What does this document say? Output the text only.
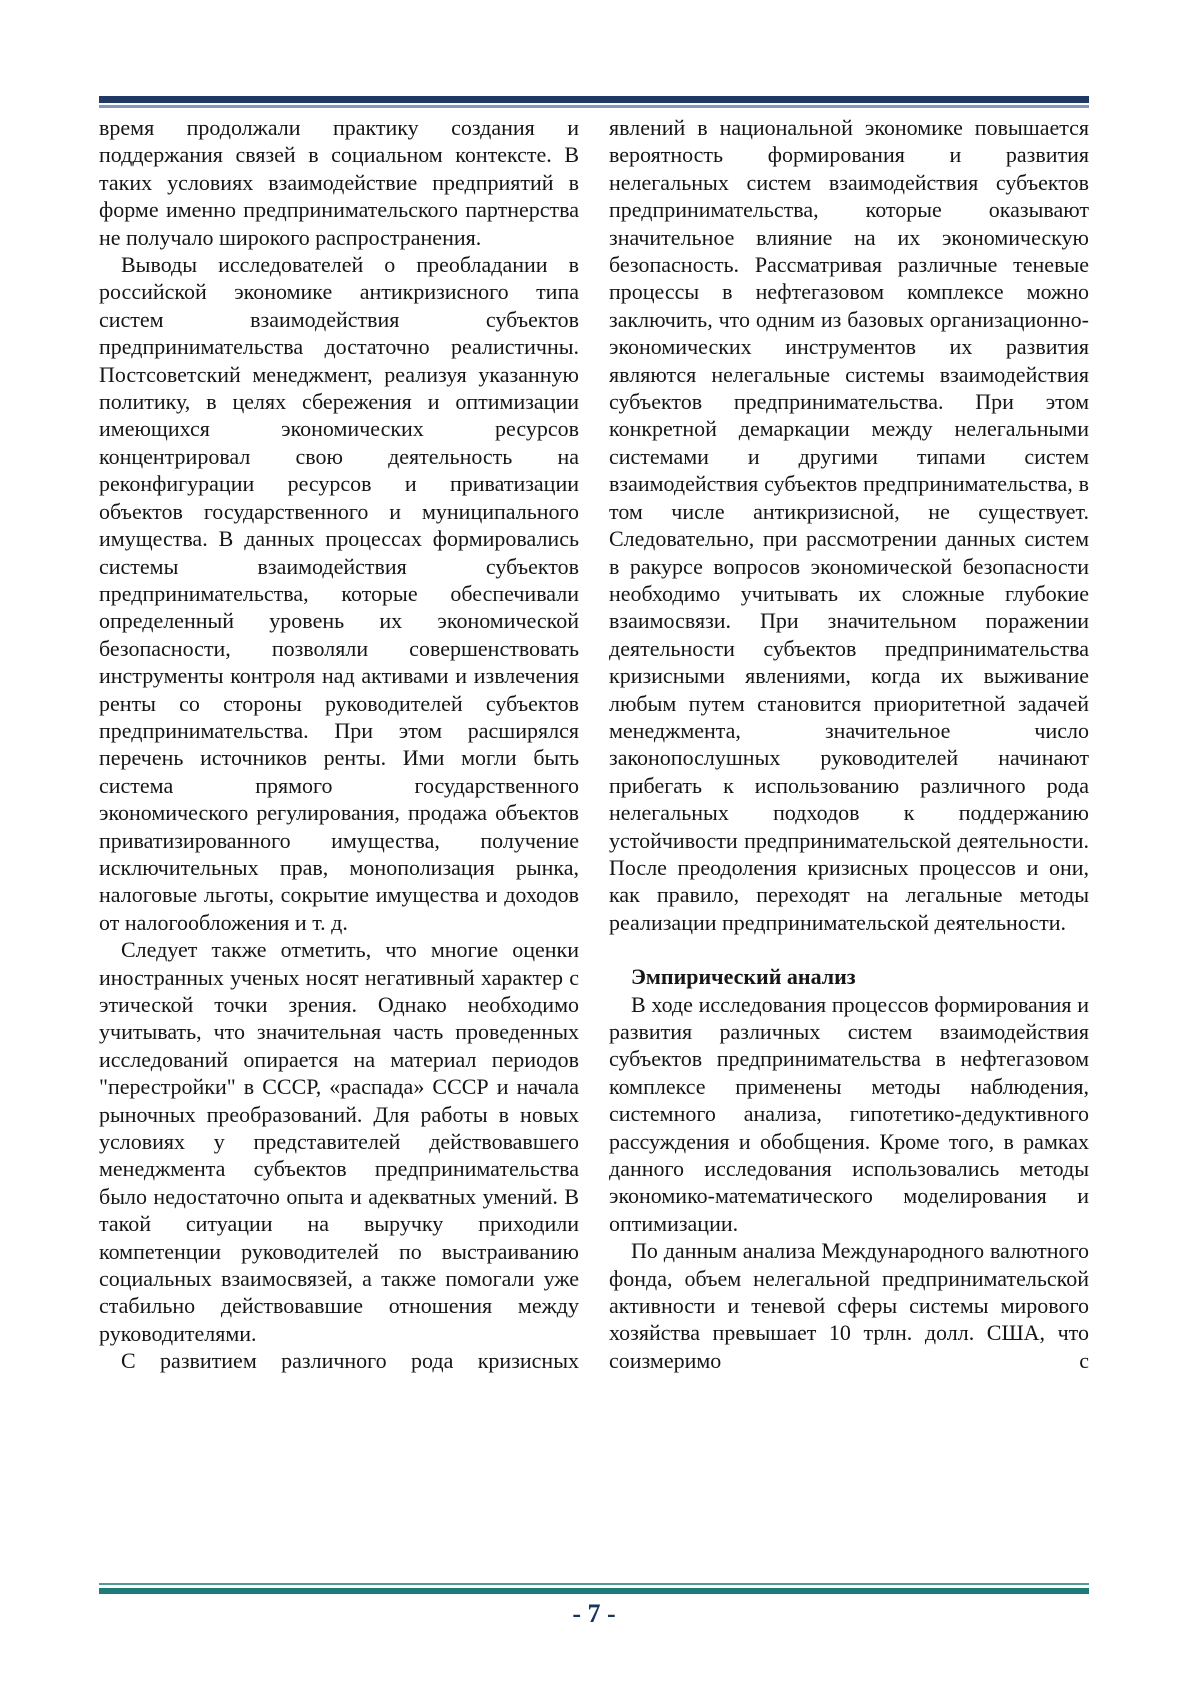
время продолжали практику создания и поддержания связей в социальном контексте. В таких условиях взаимодействие предприятий в форме именно предпринимательского партнерства не получало широкого распространения.

Выводы исследователей о преобладании в российской экономике антикризисного типа систем взаимодействия субъектов предпринимательства достаточно реалистичны. Постсоветский менеджмент, реализуя указанную политику, в целях сбережения и оптимизации имеющихся экономических ресурсов концентрировал свою деятельность на реконфигурации ресурсов и приватизации объектов государственного и муниципального имущества. В данных процессах формировались системы взаимодействия субъектов предпринимательства, которые обеспечивали определенный уровень их экономической безопасности, позволяли совершенствовать инструменты контроля над активами и извлечения ренты со стороны руководителей субъектов предпринимательства. При этом расширялся перечень источников ренты. Ими могли быть система прямого государственного экономического регулирования, продажа объектов приватизированного имущества, получение исключительных прав, монополизация рынка, налоговые льготы, сокрытие имущества и доходов от налогообложения и т. д.

Следует также отметить, что многие оценки иностранных ученых носят негативный характер с этической точки зрения. Однако необходимо учитывать, что значительная часть проведенных исследований опирается на материал периодов "перестройки" в СССР, «распада» СССР и начала рыночных преобразований. Для работы в новых условиях у представителей действовавшего менеджмента субъектов предпринимательства было недостаточно опыта и адекватных умений. В такой ситуации на выручку приходили компетенции руководителей по выстраиванию социальных взаимосвязей, а также помогали уже стабильно действовавшие отношения между руководителями.

С развитием различного рода кризисных

явлений в национальной экономике повышается вероятность формирования и развития нелегальных систем взаимодействия субъектов предпринимательства, которые оказывают значительное влияние на их экономическую безопасность. Рассматривая различные теневые процессы в нефтегазовом комплексе можно заключить, что одним из базовых организационно-экономических инструментов их развития являются нелегальные системы взаимодействия субъектов предпринимательства. При этом конкретной демаркации между нелегальными системами и другими типами систем взаимодействия субъектов предпринимательства, в том числе антикризисной, не существует. Следовательно, при рассмотрении данных систем в ракурсе вопросов экономической безопасности необходимо учитывать их сложные глубокие взаимосвязи. При значительном поражении деятельности субъектов предпринимательства кризисными явлениями, когда их выживание любым путем становится приоритетной задачей менеджмента, значительное число законопослушных руководителей начинают прибегать к использованию различного рода нелегальных подходов к поддержанию устойчивости предпринимательской деятельности. После преодоления кризисных процессов и они, как правило, переходят на легальные методы реализации предпринимательской деятельности.

Эмпирический анализ

В ходе исследования процессов формирования и развития различных систем взаимодействия субъектов предпринимательства в нефтегазовом комплексе применены методы наблюдения, системного анализа, гипотетико-дедуктивного рассуждения и обобщения. Кроме того, в рамках данного исследования использовались методы экономико-математического моделирования и оптимизации.

По данным анализа Международного валютного фонда, объем нелегальной предпринимательской активности и теневой сферы системы мирового хозяйства превышает 10 трлн. долл. США, что соизмеримо с

- 7 -
